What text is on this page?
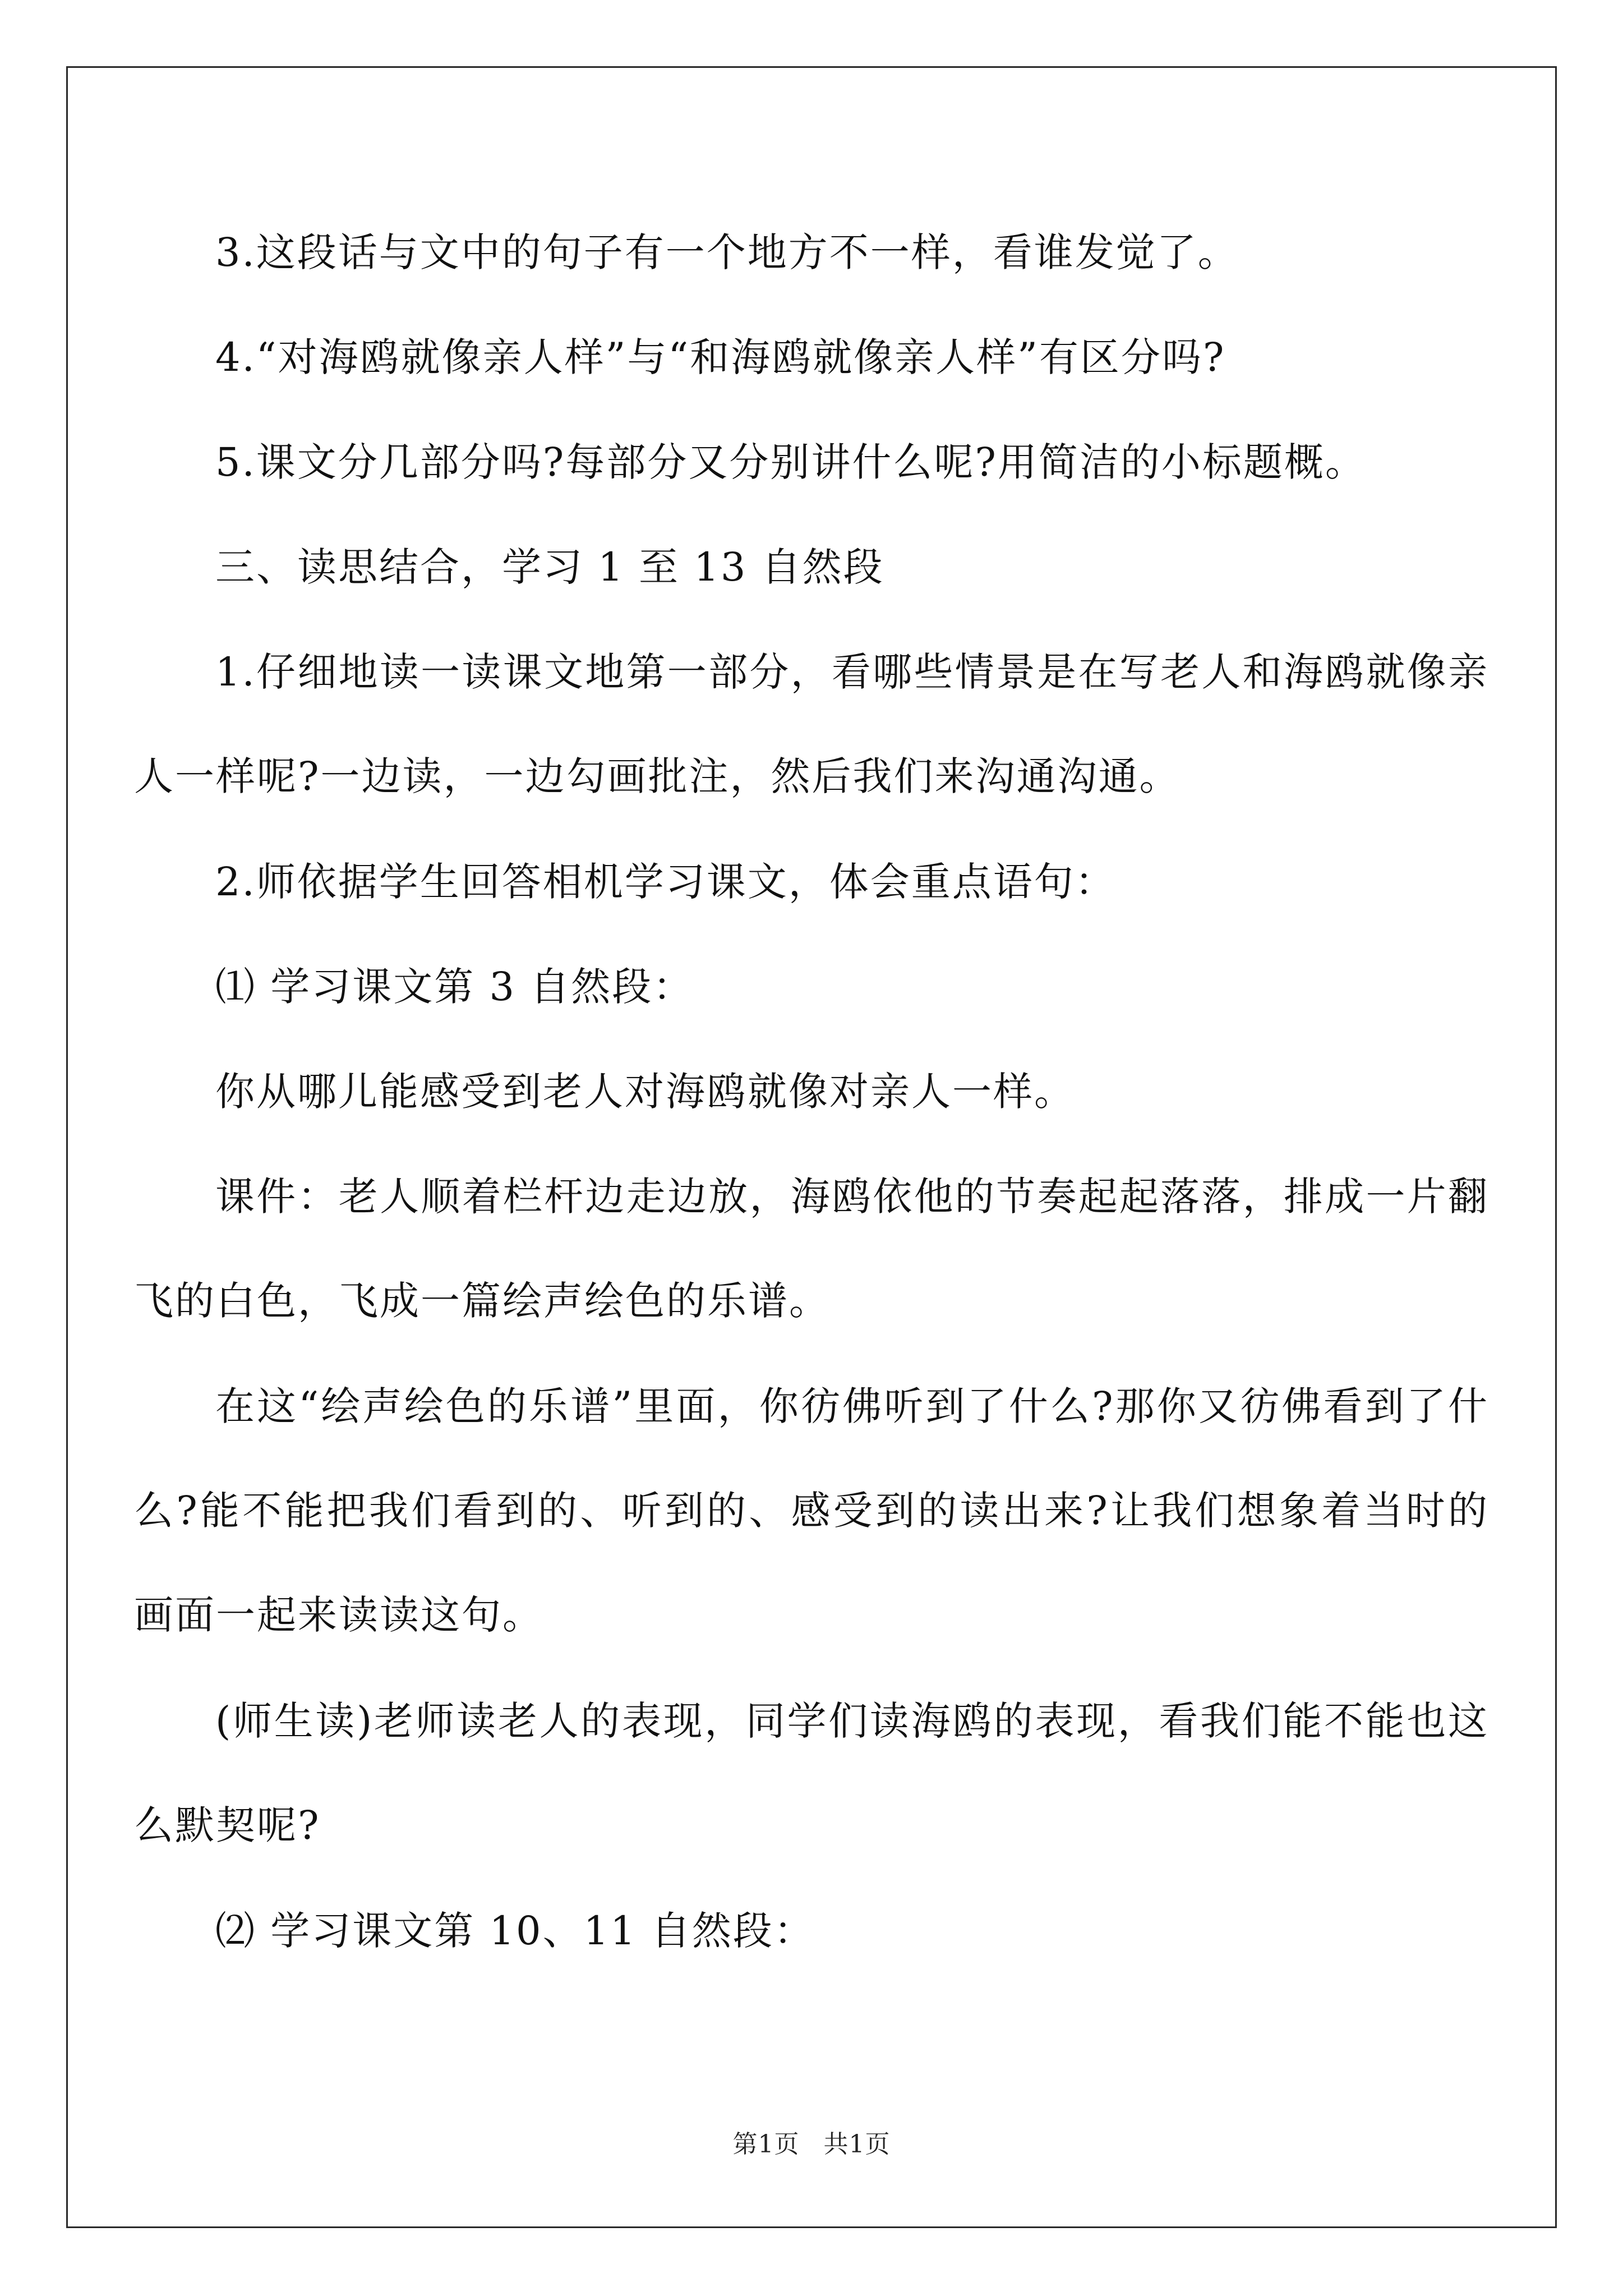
3.这段话与文中的句子有一个地方不一样，看谁发觉了。

4.“对海鸥就像亲人样”与“和海鸥就像亲人样”有区分吗?

5.课文分几部分吗?每部分又分别讲什么呢?用简洁的小标题概。

三、读思结合，学习 1 至 13 自然段

1.仔细地读一读课文地第一部分，看哪些情景是在写老人和海鸥就像亲人一样呢?一边读，一边勾画批注，然后我们来沟通沟通。

2.师依据学生回答相机学习课文，体会重点语句：

⑴ 学习课文第 3 自然段：

你从哪儿能感受到老人对海鸥就像对亲人一样。

课件：老人顺着栏杆边走边放，海鸥依他的节奏起起落落，排成一片翻飞的白色，飞成一篇绘声绘色的乐谱。

在这“绘声绘色的乐谱”里面，你彷佛听到了什么?那你又彷佛看到了什么?能不能把我们看到的、听到的、感受到的读出来?让我们想象着当时的画面一起来读读这句。

(师生读)老师读老人的表现，同学们读海鸥的表现，看我们能不能也这么默契呢?

⑵ 学习课文第 10、11 自然段：

第1页 共1页
